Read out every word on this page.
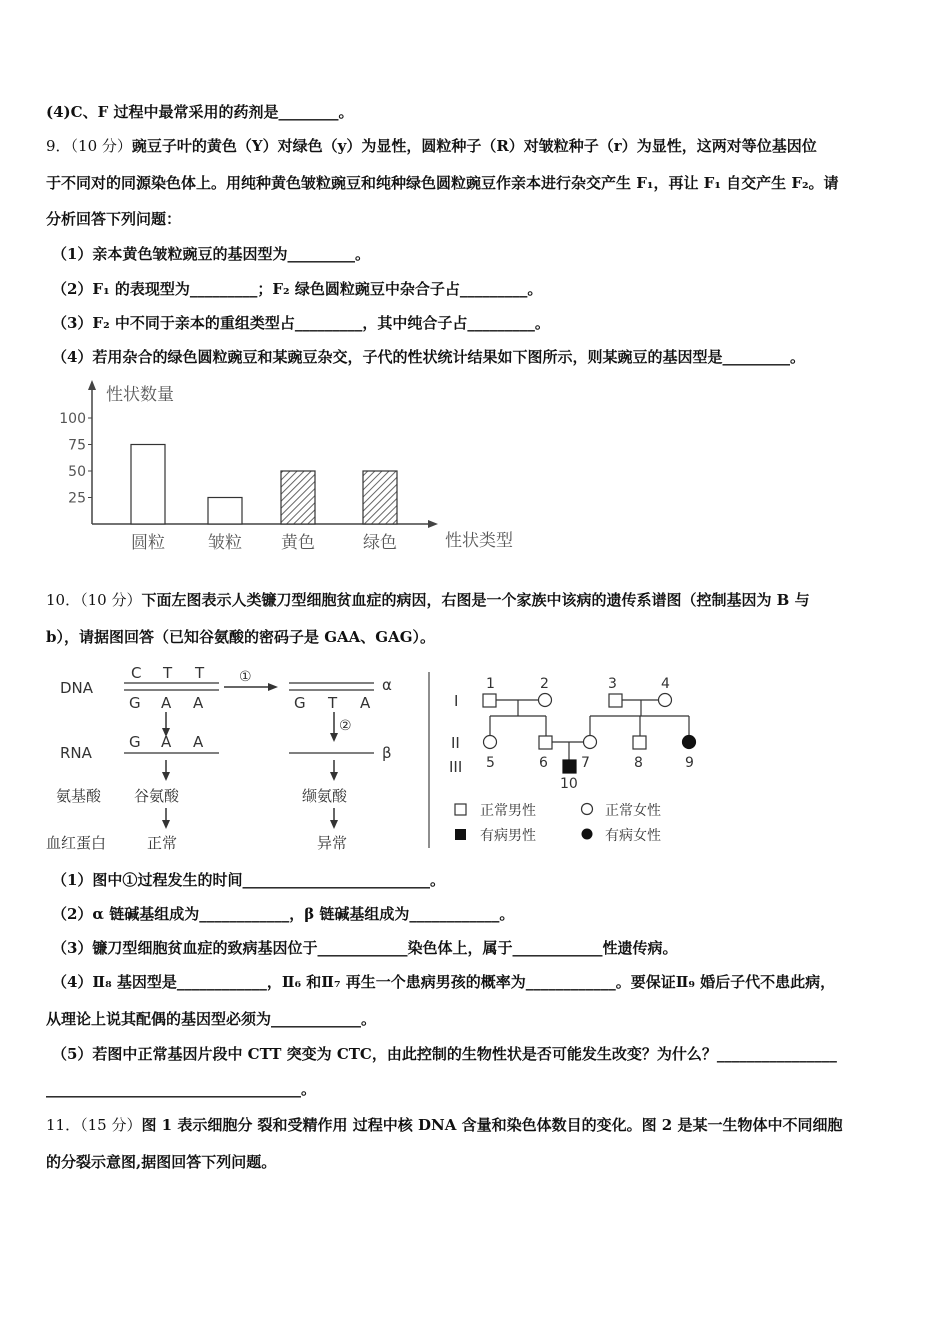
(4)C、F 过程中最常采用的药剂是________。
9．（10 分）豌豆子叶的黄色（Y）对绿色（y）为显性，圆粒种子（R）对皱粒种子（r）为显性，这两对等位基因位
于不同对的同源染色体上。用纯种黄色皱粒豌豆和纯种绿色圆粒豌豆作亲本进行杂交产生 F₁，再让 F₁ 自交产生 F₂。请
分析回答下列问题：
（1）亲本黄色皱粒豌豆的基因型为_________。
（2）F₁ 的表现型为_________；F₂ 绿色圆粒豌豆中杂合子占_________。
（3）F₂ 中不同于亲本的重组类型占_________，其中纯合子占_________。
（4）若用杂合的绿色圆粒豌豆和某豌豆杂交，子代的性状统计结果如下图所示，则某豌豆的基因型是_________。
性状数量
性状类型
100
75
50
25
圆粒	皱粒 黄色	绿色
10．（10 分）下面左图表示人类镰刀型细胞贫血症的病因，右图是一个家族中该病的遗传系谱图（控制基因为 B 与
b），请据图回答（已知谷氨酸的密码子是 GAA、GAG）。
DNA
C T T
G A A
①	α
G T A
②
RNA
G A A
β
氨基酸 谷氨酸	缬氨酸
血红蛋白	正常	异常
I
II
III
1	2	3	4
5	6 7	8	9
10
正常男性	正常女性
有病男性	有病女性
（1）图中①过程发生的时间_________________________。
（2）α 链碱基组成为____________，β 链碱基组成为____________。
（3）镰刀型细胞贫血症的致病基因位于____________染色体上，属于____________性遗传病。
（4）Ⅱ₈ 基因型是____________，Ⅱ₆ 和Ⅱ₇ 再生一个患病男孩的概率为____________。要保证Ⅱ₉ 婚后子代不患此病，
从理论上说其配偶的基因型必须为____________。
（5）若图中正常基因片段中 CTT 突变为 CTC，由此控制的生物性状是否可能发生改变？为什么？________________
__________________________________。
11．（15 分）图 1 表示细胞分 裂和受精作用 过程中核 DNA 含量和染色体数目的变化。图 2 是某一生物体中不同细胞
的分裂示意图,据图回答下列问题。
